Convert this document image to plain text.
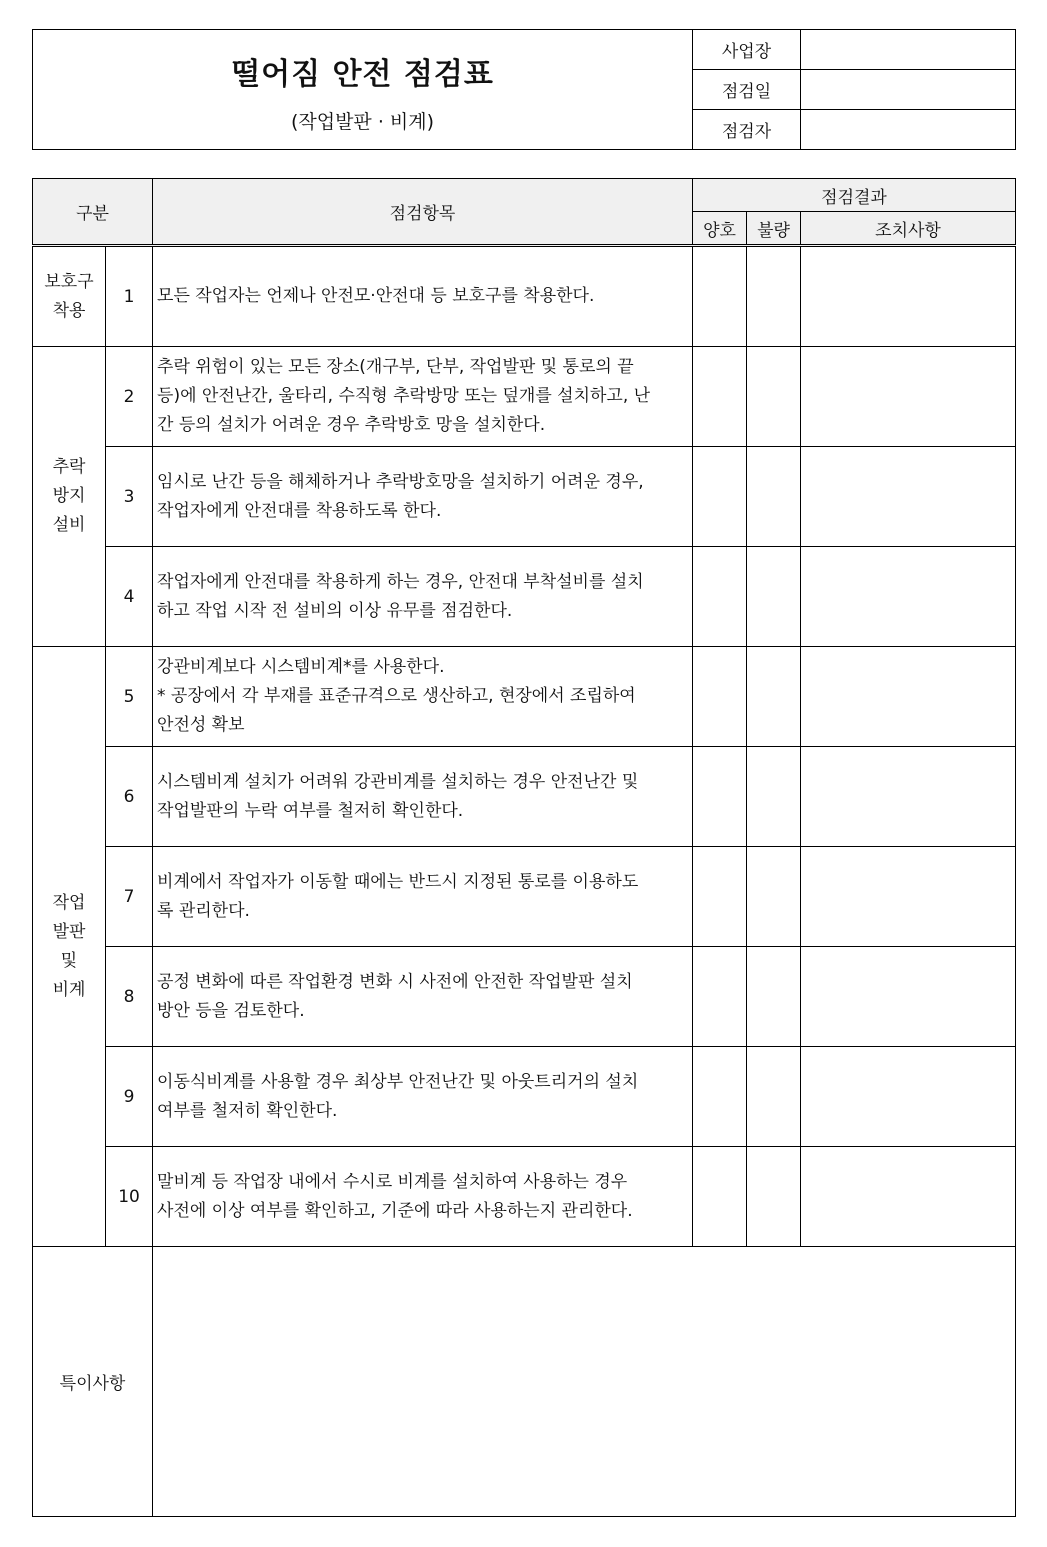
떨어짐 안전 점검표
(작업발판 · 비계)	사업장	
	점검일	
	점검자	
구분		점검항목	점검결과		
			양호	불량	조치사항

보호구
착용	1	모든 작업자는 언제나 안전모·안전대 등 보호구를 착용한다.			

추락
방지
설비	2	추락 위험이 있는 모든 장소(개구부, 단부, 작업발판 및 통로의 끝
등)에 안전난간, 울타리, 수직형 추락방망 또는 덮개를 설치하고, 난
간 등의 설치가 어려운 경우 추락방호 망을 설치한다.			

	3	임시로 난간 등을 해체하거나 추락방호망을 설치하기 어려운 경우,
작업자에게 안전대를 착용하도록 한다.			

	4	작업자에게 안전대를 착용하게 하는 경우, 안전대 부착설비를 설치
하고 작업 시작 전 설비의 이상 유무를 점검한다.			

작업
발판
및
비계	5	강관비계보다 시스템비계*를 사용한다.
* 공장에서 각 부재를 표준규격으로 생산하고, 현장에서 조립하여
안전성 확보			

	6	시스템비계 설치가 어려워 강관비계를 설치하는 경우 안전난간 및
작업발판의 누락 여부를 철저히 확인한다.			

	7	비계에서 작업자가 이동할 때에는 반드시 지정된 통로를 이용하도
록 관리한다.			

	8	공정 변화에 따른 작업환경 변화 시 사전에 안전한 작업발판 설치
방안 등을 검토한다.			

	9	이동식비계를 사용할 경우 최상부 안전난간 및 아웃트리거의 설치
여부를 철저히 확인한다.			

	10	말비계 등 작업장 내에서 수시로 비계를 설치하여 사용하는 경우
사전에 이상 여부를 확인하고, 기준에 따라 사용하는지 관리한다.			

특이사항					
